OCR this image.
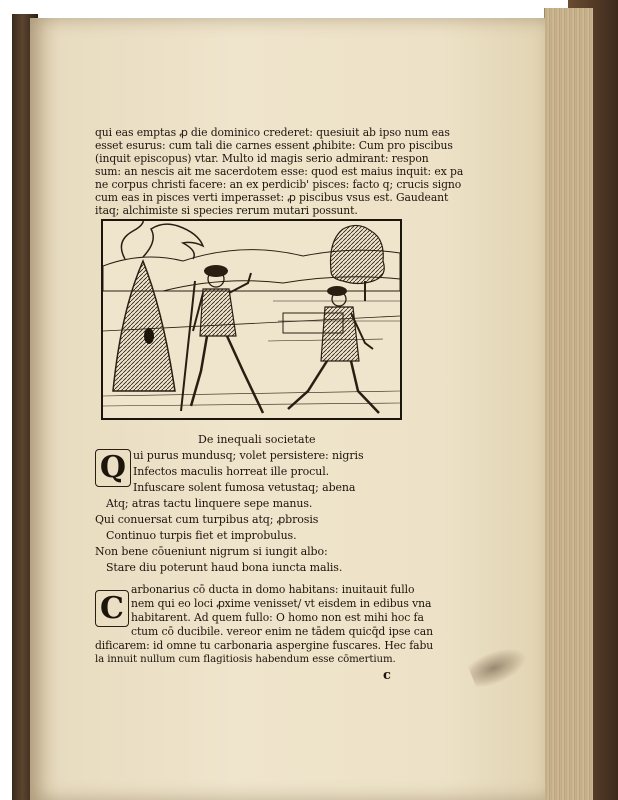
qui eas emptas ꝓ die dominico crederet: quesiuit ab ipso num eas
esset esurus: cum tali die carnes essent ꝓhibite: Cum pro piscibus
(inquit episcopus) vtar. Multo id magis serio admirant: respon
sum: an nescis ait me sacerdotem esse: quod est maius inquit: ex pa
ne corpus christi facere: an ex perdicib' pisces: facto q; crucis signo
cum eas in pisces verti imperasset: ꝓ piscibus vsus est. Gaudeant
itaq; alchimiste si species rerum mutari possunt.
De inequali societate
Q ui purus mundusq; volet persistere: nigris
Infectos maculis horreat ille procul.
Infuscare solent fumosa vetustaq; abena
Atq; atras tactu linquere sepe manus.
Qui conuersat cum turpibus atq; ꝓbrosis
Continuo turpis fiet et improbulus.
Non bene cōueniunt nigrum si iungit albo:
Stare diu poterunt haud bona iuncta malis.
C
arbonarius cō ducta in domo habitans: inuitauit fullo
nem qui eo loci ꝓxime venisset/ vt eisdem in edibus vna
habitarent. Ad quem fullo: O homo non est mihi hoc fa
ctum cō ducibile. vereor enim ne tādem quicq̄d ipse can
dificarem: id omne tu carbonaria aspergine fuscares. Hec fabu
la innuit nullum cum flagitiosis habendum esse cōmertium.
c
